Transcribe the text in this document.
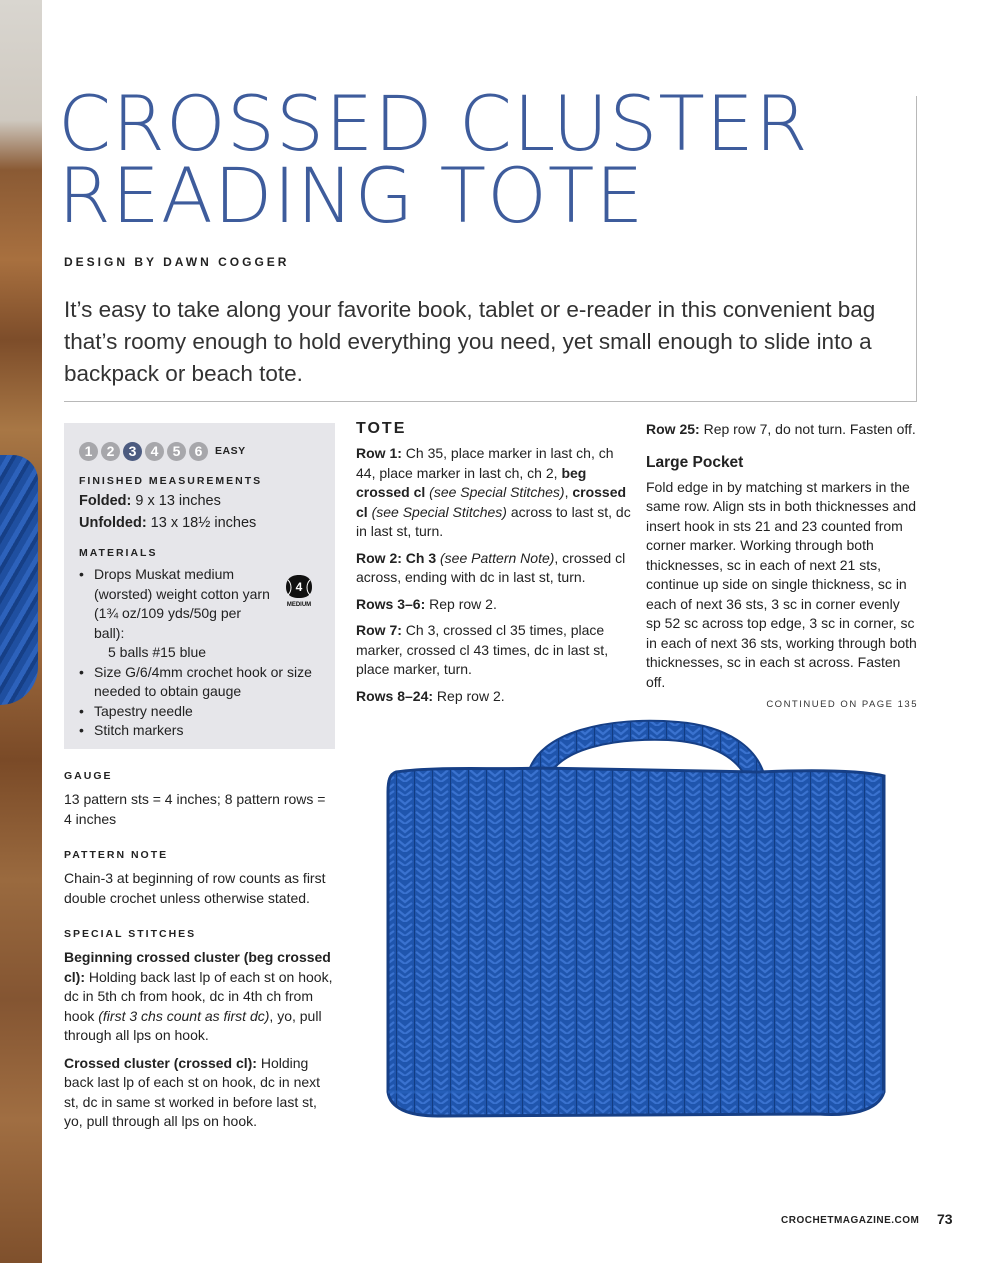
CROSSED CLUSTER
READING TOTE
DESIGN BY DAWN COGGER

It’s easy to take along your favorite book, tablet or e-reader in this convenient bag that’s roomy enough to hold everything you need, yet small enough to slide into a backpack or beach tote.

1	2	3	4	5	6	EASY
FINISHED MEASUREMENTS
Folded: 9 x 13 inches
Unfolded: 13 x 18½ inches
MATERIALS
• Drops Muskat medium (worsted) weight cotton yarn (1¾ oz/109 yds/50g per ball):
5 balls #15 blue
• Size G/6/4mm crochet hook or size needed to obtain gauge
• Tapestry needle
• Stitch markers
4
MEDIUM
GAUGE

13 pattern sts = 4 inches; 8 pattern rows = 4 inches

PATTERN NOTE

Chain-3 at beginning of row counts as first double crochet unless otherwise stated.

SPECIAL STITCHES

Beginning crossed cluster (beg crossed cl): Holding back last lp of each st on hook, dc in 5th ch from hook, dc in 4th ch from hook (first 3 chs count as first dc), yo, pull through all lps on hook.

Crossed cluster (crossed cl): Holding back last lp of each st on hook, dc in next st, dc in same st worked in before last st, yo, pull through all lps on hook.

TOTE

Row 1: Ch 35, place marker in last ch, ch 44, place marker in last ch, ch 2, beg crossed cl (see Special Stitches), crossed cl (see Special Stitches) across to last st, dc in last st, turn.

Row 2: Ch 3 (see Pattern Note), crossed cl across, ending with dc in last st, turn.

Rows 3–6: Rep row 2.

Row 7: Ch 3, crossed cl 35 times, place marker, crossed cl 43 times, dc in last st, place marker, turn.

Rows 8–24: Rep row 2.

Row 25: Rep row 7, do not turn. Fasten off.

Large Pocket

Fold edge in by matching st markers in the same row. Align sts in both thicknesses and insert hook in sts 21 and 23 counted from corner marker. Working through both thicknesses, sc in each of next 21 sts, continue up side on single thickness, sc in each of next 36 sts, 3 sc in corner evenly sp 52 sc across top edge, 3 sc in corner, sc in each of next 36 sts, working through both thicknesses, sc in each st across. Fasten off.

CONTINUED ON PAGE 135
CROCHETMAGAZINE.COM 73
